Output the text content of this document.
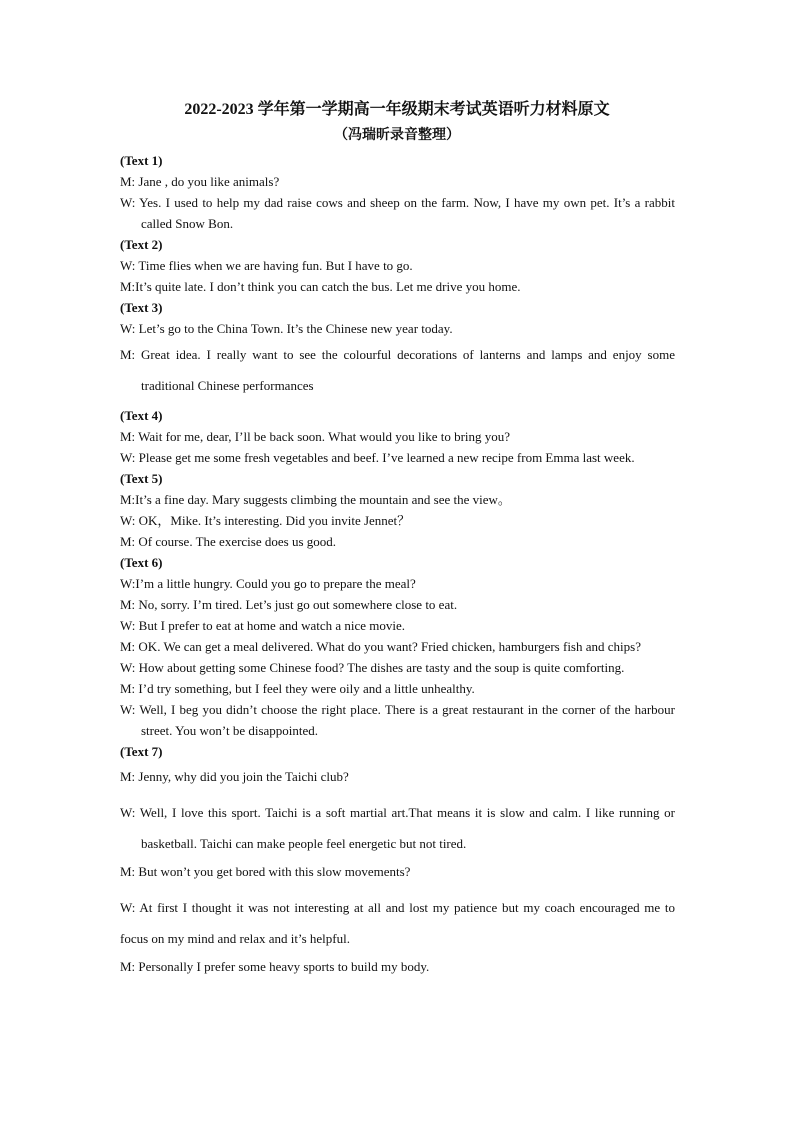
2022-2023 学年第一学期高一年级期末考试英语听力材料原文
（冯瑞昕录音整理）

(Text 1)

M: Jane , do you like animals?

W: Yes. I used to help my dad raise cows and sheep on the farm. Now, I have my own pet. It’s a rabbit called Snow Bon.

(Text 2)

W: Time flies when we are having fun. But I have to go.

M:It’s quite late. I don’t think you can catch the bus. Let me drive you home.

(Text 3)

W: Let’s go to the China Town. It’s the Chinese new year today.

M: Great idea. I really want to see the colourful decorations of lanterns and lamps and enjoy some traditional Chinese performances

(Text 4)

M: Wait for me, dear, I’ll be back soon. What would you like to bring you?

W: Please get me some fresh vegetables and beef. I’ve learned a new recipe from Emma last week.

(Text 5)

M:It’s a fine day. Mary suggests climbing the mountain and see the view。

W: OK，Mike. It’s interesting. Did you invite Jennet？

M: Of course. The exercise does us good.

(Text 6)

W:I’m a little hungry. Could you go to prepare the meal?

M: No, sorry. I’m tired. Let’s just go out somewhere close to eat.

W: But I prefer to eat at home and watch a nice movie.

M: OK. We can get a meal delivered. What do you want? Fried chicken, hamburgers fish and chips?

W: How about getting some Chinese food? The dishes are tasty and the soup is quite comforting.

M: I’d try something, but I feel they were oily and a little unhealthy.

W: Well, I beg you didn’t choose the right place. There is a great restaurant in the corner of the harbour street. You won’t be disappointed.

(Text 7)

M: Jenny, why did you join the Taichi club?

W: Well, I love this sport. Taichi is a soft martial art.That means it is slow and calm. I like running or basketball. Taichi can make people feel energetic but not tired.

M: But won’t you get bored with this slow movements?

W: At first I thought it was not interesting at all and lost my patience but my coach encouraged me to focus on my mind and relax and it’s helpful.

M: Personally I prefer some heavy sports to build my body.
